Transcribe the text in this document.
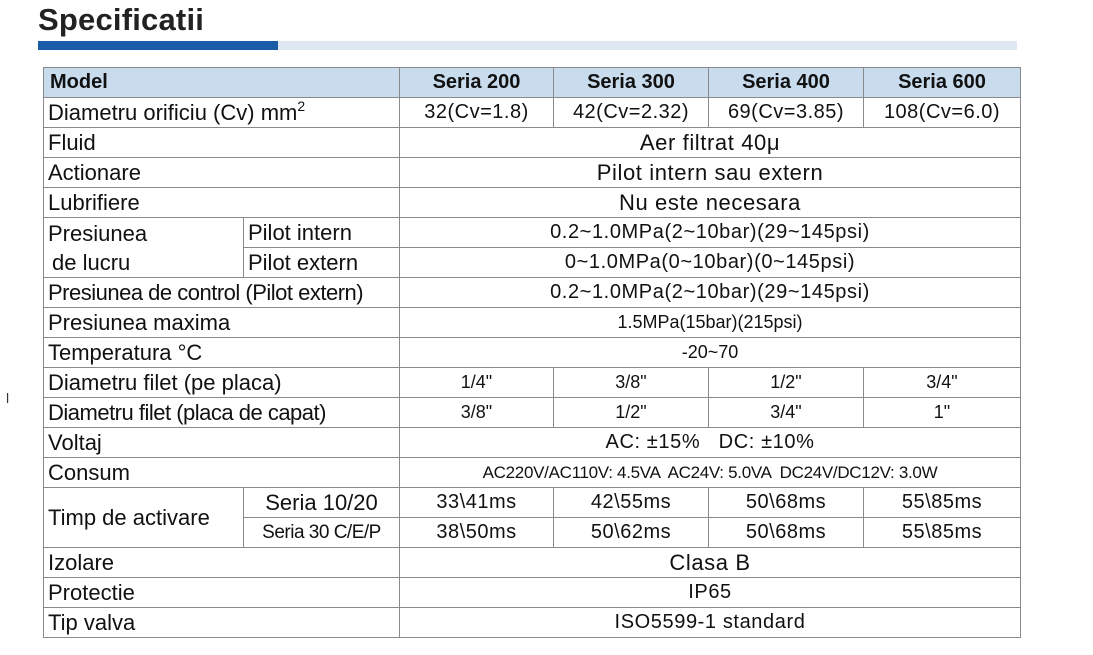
Specificatii
l
Model		Seria 200	Seria 300	Seria 400	Seria 600
Diametru orificiu (Cv) $mm^2$		32(Cv=1.8)	42(Cv=2.32)	69(Cv=3.85)	108(Cv=6.0)
Fluid		Aer filtrat 40μ			
Actionare		Pilot intern sau extern			
Lubrifiere		Nu este necesara			

Presiunea
de lucru	Pilot intern	0.2~1.0MPa(2~10bar)(29~145psi)			
	Pilot extern	0~1.0MPa(0~10bar)(0~145psi)			
Presiunea de control (Pilot extern)		0.2~1.0MPa(2~10bar)(29~145psi)			
Presiunea maxima		1.5MPa(15bar)(215psi)			
Temperatura °C		-20~70			
Diametru filet (pe placa)		1/4"	3/8"	1/2"	3/4"
Diametru filet (placa de capat)		3/8"	1/2"	3/4"	1"
Voltaj		AC: ±15%   DC: ±10%			
Consum		AC220V/AC110V: 4.5VA  AC24V: 5.0VA  DC24V/DC12V: 3.0W			
Timp de activare	Seria 10/20	33\41ms	42\55ms	50\68ms	55\85ms
	Seria 30 C/E/P	38\50ms	50\62ms	50\68ms	55\85ms
Izolare		Clasa B			
Protectie		IP65			
Tip valva		ISO5599-1 standard			
